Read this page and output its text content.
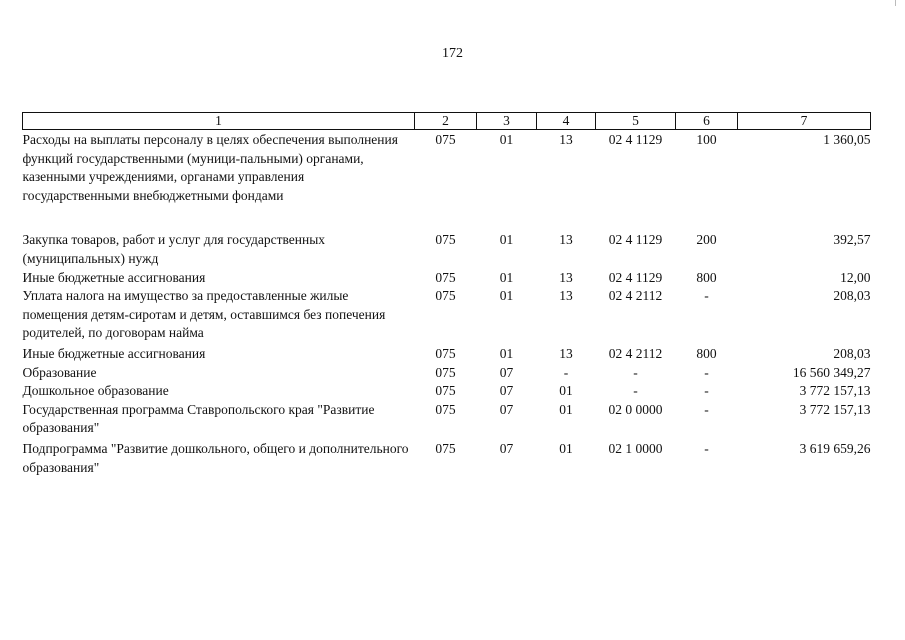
172
1	2	3	4	5	6	7
Расходы на выплаты персоналу в целях обеспечения выполнения функций государственными (муници-пальными) органами, казенными учреждениями, органами управления государственными внебюджетными фондами	075	01	13	02 4 1129	100	1 360,05
Закупка товаров, работ и услуг для государственных (муниципальных) нужд	075	01	13	02 4 1129	200	392,57
Иные бюджетные ассигнования	075	01	13	02 4 1129	800	12,00
Уплата налога на имущество за предоставленные жилые помещения детям-сиротам и детям, оставшимся без попечения родителей, по договорам найма	075	01	13	02 4 2112	-	208,03
Иные бюджетные ассигнования	075	01	13	02 4 2112	800	208,03
Образование	075	07	-	-	-	16 560 349,27
Дошкольное образование	075	07	01	-	-	3 772 157,13
Государственная программа Ставропольского края "Развитие образования"	075	07	01	02 0 0000	-	3 772 157,13
Подпрограмма "Развитие дошкольного, общего и дополнительного образования"	075	07	01	02 1 0000	-	3 619 659,26
